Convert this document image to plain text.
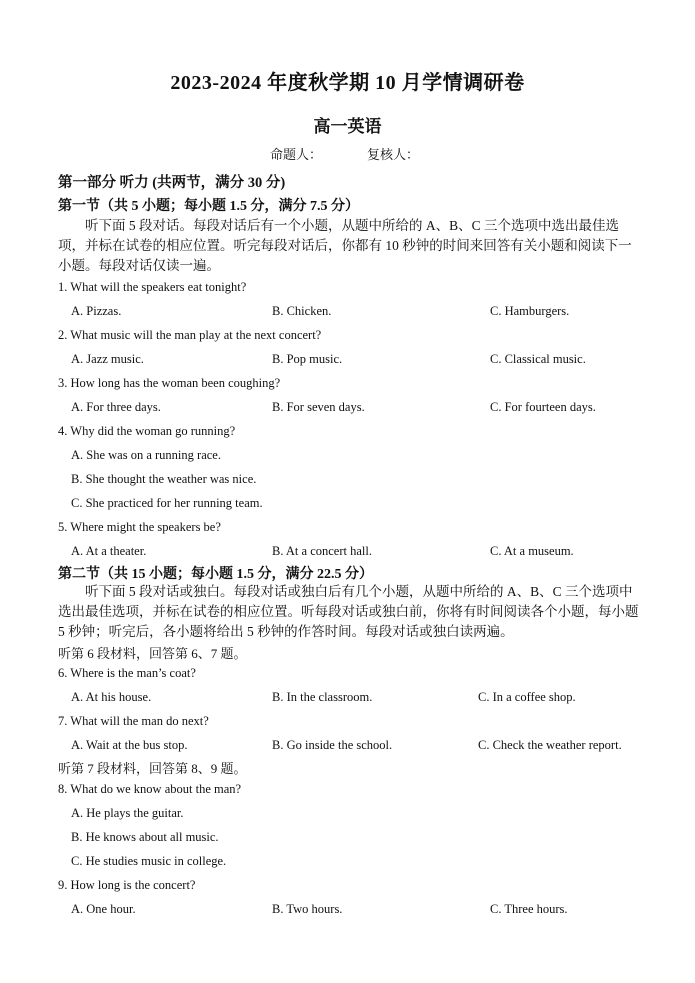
2023-2024 年度秋学期 10 月学情调研卷
高一英语
命题人：	复核人：
第一部分 听力 (共两节，满分 30 分)
第一节（共 5 小题；每小题 1.5 分，满分 7.5 分）
听下面 5 段对话。每段对话后有一个小题，从题中所给的 A、B、C 三个选项中选出最佳选项，并标在试卷的相应位置。听完每段对话后，你都有 10 秒钟的时间来回答有关小题和阅读下一小题。每段对话仅读一遍。
1. What will the speakers eat tonight?
A. Pizzas.	B. Chicken.	C. Hamburgers.
2. What music will the man play at the next concert?
A. Jazz music.	B. Pop music.	C. Classical music.
3. How long has the woman been coughing?
A. For three days.	B. For seven days.	C. For fourteen days.
4. Why did the woman go running?
A. She was on a running race.
B. She thought the weather was nice.
C. She practiced for her running team.
5. Where might the speakers be?
A. At a theater.	B. At a concert hall.	C. At a museum.
第二节（共 15 小题；每小题 1.5 分，满分 22.5 分）
听下面 5 段对话或独白。每段对话或独白后有几个小题，从题中所给的 A、B、C 三个选项中选出最佳选项，并标在试卷的相应位置。听每段对话或独白前，你将有时间阅读各个小题，每小题 5 秒钟；听完后，各小题将给出 5 秒钟的作答时间。每段对话或独白读两遍。
听第 6 段材料，回答第 6、7 题。
6. Where is the man’s coat?
A. At his house.	B. In the classroom.	C. In a coffee shop.
7. What will the man do next?
A. Wait at the bus stop.	B. Go inside the school.	C. Check the weather report.
听第 7 段材料，回答第 8、9 题。
8. What do we know about the man?
A. He plays the guitar.
B. He knows about all music.
C. He studies music in college.
9. How long is the concert?
A. One hour.	B. Two hours.	C. Three hours.
